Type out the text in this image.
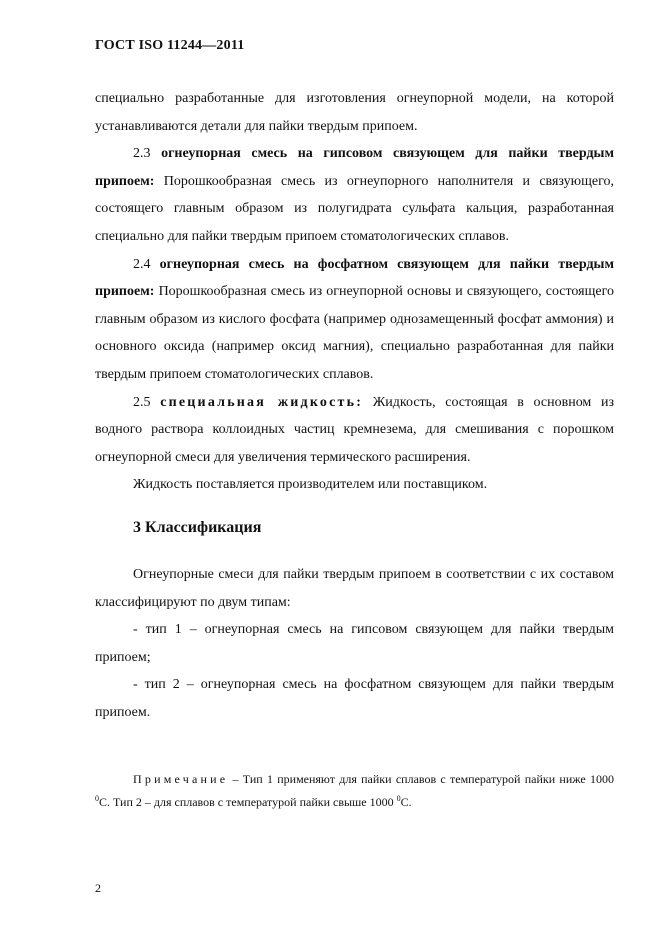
ГОСТ ISO 11244—2011

специально разработанные для изготовления огнеупорной модели, на которой устанавливаются детали для пайки твердым припоем.

2.3 огнеупорная смесь на гипсовом связующем для пайки твердым припоем: Порошкообразная смесь из огнеупорного наполнителя и связующего, состоящего главным образом из полугидрата сульфата кальция, разработанная специально для пайки твердым припоем стоматологических сплавов.

2.4 огнеупорная смесь на фосфатном связующем для пайки твердым припоем: Порошкообразная смесь из огнеупорной основы и связующего, состоящего главным образом из кислого фосфата (например однозамещенный фосфат аммония) и основного оксида (например оксид магния), специально разработанная для пайки твердым припоем стоматологических сплавов.

2.5 специальная жидкость: Жидкость, состоящая в основном из водного раствора коллоидных частиц кремнезема, для смешивания с порошком огнеупорной смеси для увеличения термического расширения.

Жидкость поставляется производителем или поставщиком.

3 Классификация

Огнеупорные смеси для пайки твердым припоем в соответствии с их составом классифицируют по двум типам:

- тип 1 – огнеупорная смесь на гипсовом связующем для пайки твердым припоем;

- тип 2 – огнеупорная смесь на фосфатном связующем для пайки твердым припоем.

Примечание – Тип 1 применяют для пайки сплавов с температурой пайки ниже 1000 $^0$С. Тип 2 – для сплавов с температурой пайки свыше 1000 $^0$С.

2
